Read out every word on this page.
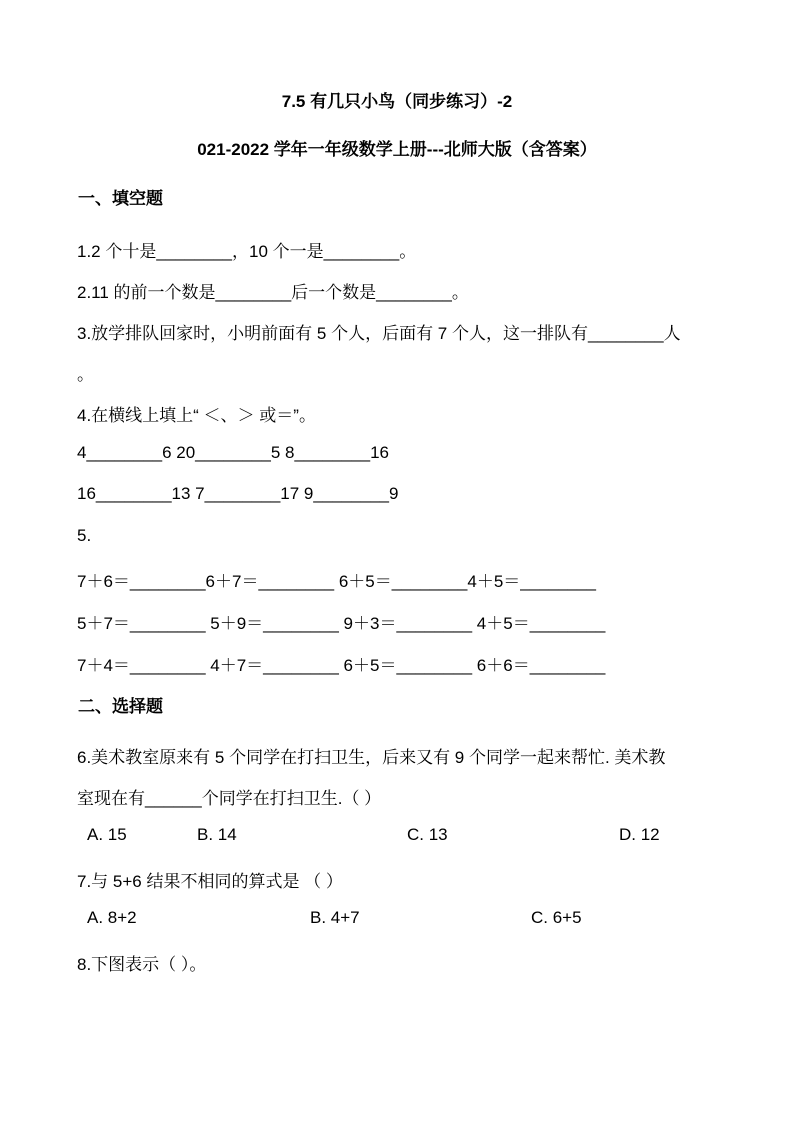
7.5 有几只小鸟（同步练习）-2
021-2022 学年一年级数学上册---北师大版（含答案）
一、填空题
1.2 个十是________，10 个一是________。
2.11 的前一个数是________后一个数是________。
3.放学排队回家时，小明前面有 5 个人，后面有 7 个人，这一排队有________人
。
4.在横线上填上“ ＜、＞ 或＝”。
4________6 20________5 8________16
16________13 7________17 9________9
5.
7＋6＝________6＋7＝________ 6＋5＝________4＋5＝________
5＋7＝________ 5＋9＝________ 9＋3＝________ 4＋5＝________
7＋4＝________ 4＋7＝________ 6＋5＝________ 6＋6＝________
二、选择题
6.美术教室原来有 5 个同学在打扫卫生，后来又有 9 个同学一起来帮忙. 美术教
室现在有______个同学在打扫卫生.（ ）
A. 15	B. 14	C. 13	D. 12
7.与 5+6 结果不相同的算式是 （ ）
A. 8+2	B. 4+7	C. 6+5
8.下图表示（ ）。
